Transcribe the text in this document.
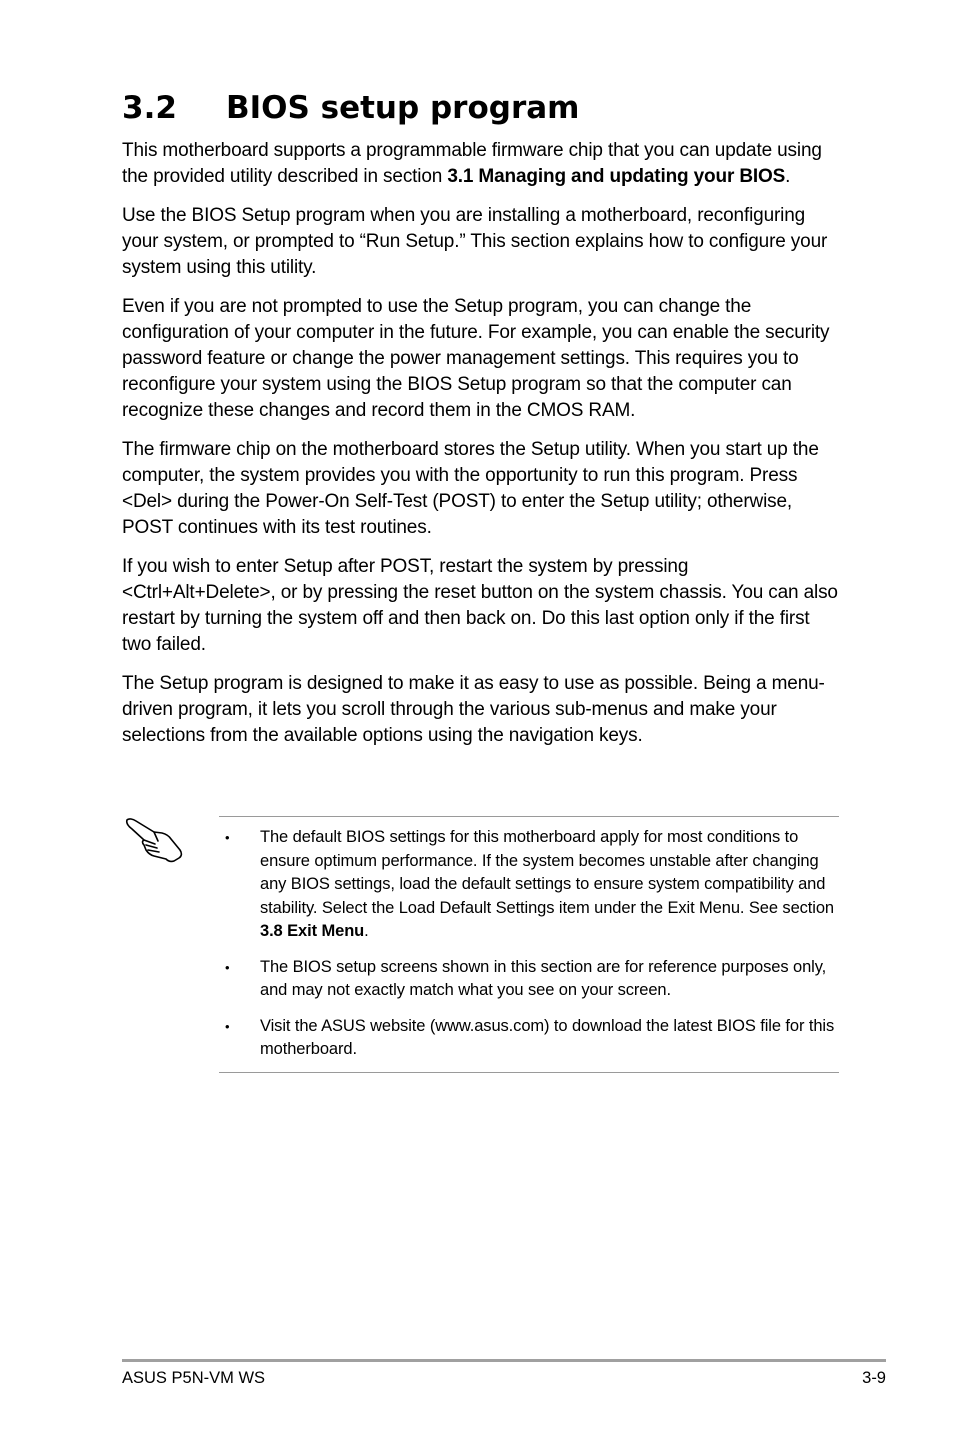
3.2 BIOS setup program

This motherboard supports a programmable firmware chip that you can update using the provided utility described in section 3.1 Managing and updating your BIOS.

Use the BIOS Setup program when you are installing a motherboard, reconfiguring your system, or prompted to “Run Setup.” This section explains how to configure your system using this utility.

Even if you are not prompted to use the Setup program, you can change the configuration of your computer in the future. For example, you can enable the security password feature or change the power management settings. This requires you to reconfigure your system using the BIOS Setup program so that the computer can recognize these changes and record them in the CMOS RAM.

The firmware chip on the motherboard stores the Setup utility. When you start up the computer, the system provides you with the opportunity to run this program. Press <Del> during the Power-On Self-Test (POST) to enter the Setup utility; otherwise, POST continues with its test routines.

If you wish to enter Setup after POST, restart the system by pressing <Ctrl+Alt+Delete>, or by pressing the reset button on the system chassis. You can also restart by turning the system off and then back on. Do this last option only if the first two failed.

The Setup program is designed to make it as easy to use as possible. Being a menu-driven program, it lets you scroll through the various sub-menus and make your selections from the available options using the navigation keys.

• The default BIOS settings for this motherboard apply for most conditions to ensure optimum performance. If the system becomes unstable after changing any BIOS settings, load the default settings to ensure system compatibility and stability. Select the Load Default Settings item under the Exit Menu. See section 3.8 Exit Menu.
• The BIOS setup screens shown in this section are for reference purposes only, and may not exactly match what you see on your screen.
• Visit the ASUS website (www.asus.com) to download the latest BIOS file for this motherboard.
ASUS P5N-VM WS	3-9
